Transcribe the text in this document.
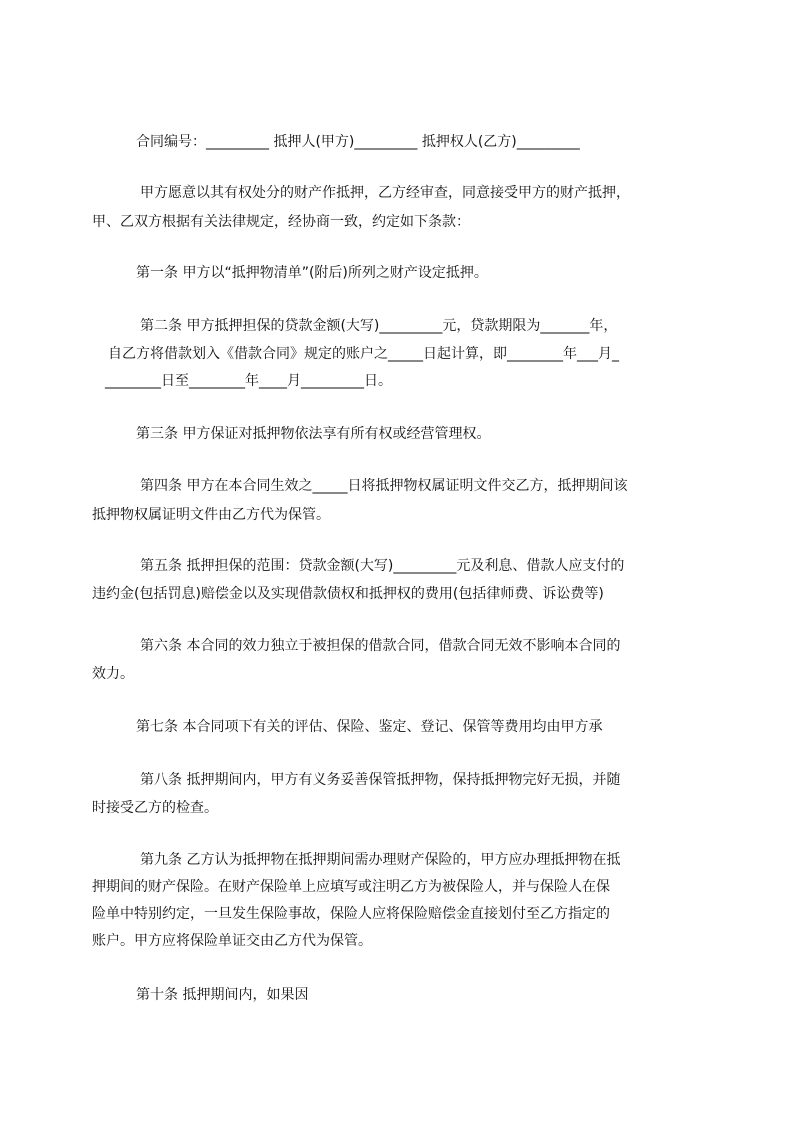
合同编号：_________ 抵押人(甲方)_________ 抵押权人(乙方)_________
甲方愿意以其有权处分的财产作抵押，乙方经审查，同意接受甲方的财产抵押，
甲、乙双方根据有关法律规定，经协商一致，约定如下条款：
第一条 甲方以“抵押物清单”(附后)所列之财产设定抵押。
第二条 甲方抵押担保的贷款金额(大写)_________元，贷款期限为_______年，
自乙方将借款划入《借款合同》规定的账户之_____日起计算，即________年___月_
________日至________年____月_________日。
第三条 甲方保证对抵押物依法享有所有权或经营管理权。
第四条 甲方在本合同生效之_____日将抵押物权属证明文件交乙方，抵押期间该
抵押物权属证明文件由乙方代为保管。
第五条 抵押担保的范围：贷款金额(大写)_________元及利息、借款人应支付的
违约金(包括罚息)赔偿金以及实现借款债权和抵押权的费用(包括律师费、诉讼费等)
第六条 本合同的效力独立于被担保的借款合同，借款合同无效不影响本合同的
效力。
第七条 本合同项下有关的评估、保险、鉴定、登记、保管等费用均由甲方承
第八条 抵押期间内，甲方有义务妥善保管抵押物，保持抵押物完好无损，并随
时接受乙方的检查。
第九条 乙方认为抵押物在抵押期间需办理财产保险的，甲方应办理抵押物在抵
押期间的财产保险。在财产保险单上应填写或注明乙方为被保险人，并与保险人在保
险单中特别约定，一旦发生保险事故，保险人应将保险赔偿金直接划付至乙方指定的
账户。甲方应将保险单证交由乙方代为保管。
第十条 抵押期间内，如果因
